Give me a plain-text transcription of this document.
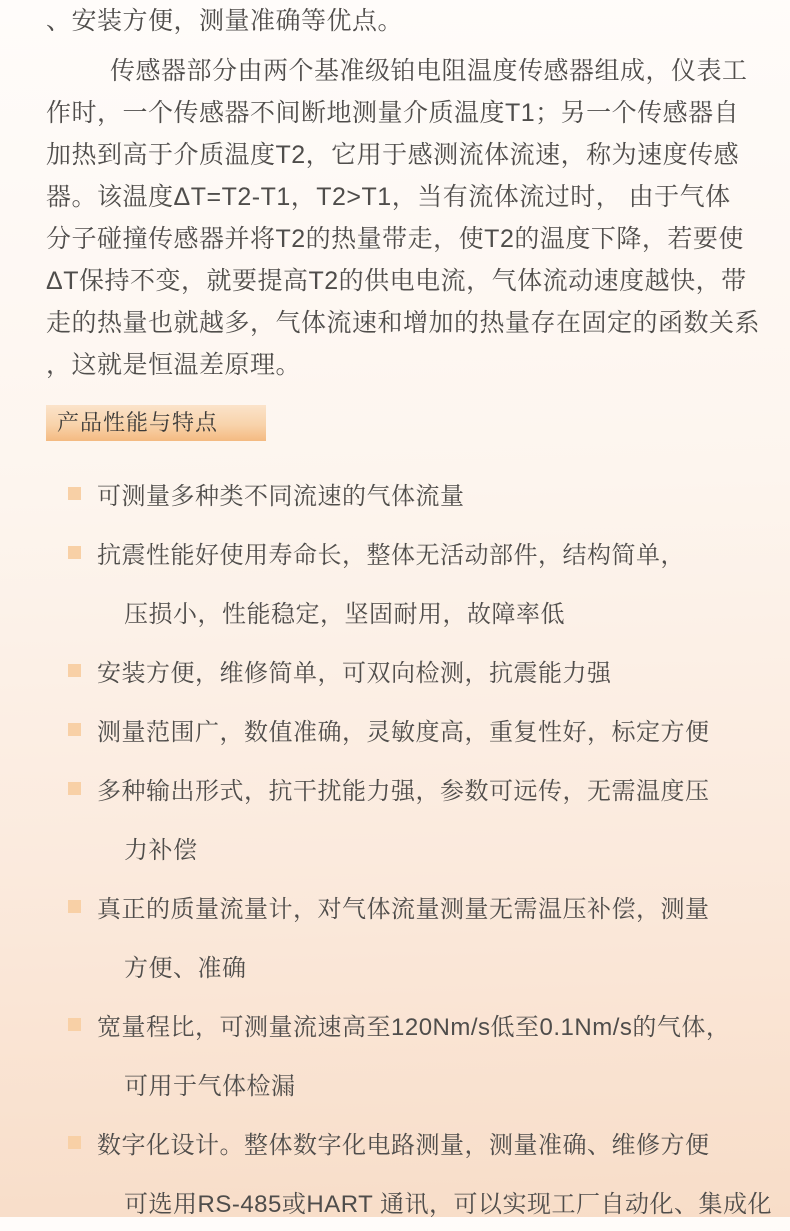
、安装方便，测量准确等优点。

传感器部分由两个基准级铂电阻温度传感器组成，仪表工

作时，一个传感器不间断地测量介质温度T1；另一个传感器自

加热到高于介质温度T2，它用于感测流体流速，称为速度传感

器。该温度ΔT=T2-T1，T2>T1，当有流体流过时， 由于气体

分子碰撞传感器并将T2的热量带走，使T2的温度下降，若要使

ΔT保持不变，就要提高T2的供电电流，气体流动速度越快，带

走的热量也就越多，气体流速和增加的热量存在固定的函数关系

，这就是恒温差原理。

产品性能与特点
可测量多种类不同流速的气体流量
抗震性能好使用寿命长，整体无活动部件，结构简单，
压损小，性能稳定，坚固耐用，故障率低
安装方便，维修简单，可双向检测，抗震能力强
测量范围广，数值准确，灵敏度高，重复性好，标定方便
多种输出形式，抗干扰能力强，参数可远传，无需温度压
力补偿
真正的质量流量计，对气体流量测量无需温压补偿，测量
方便、准确
宽量程比，可测量流速高至120Nm/s低至0.1Nm/s的气体，
可用于气体检漏
数字化设计。整体数字化电路测量，测量准确、维修方便
可选用RS-485或HART 通讯，可以实现工厂自动化、集成化
